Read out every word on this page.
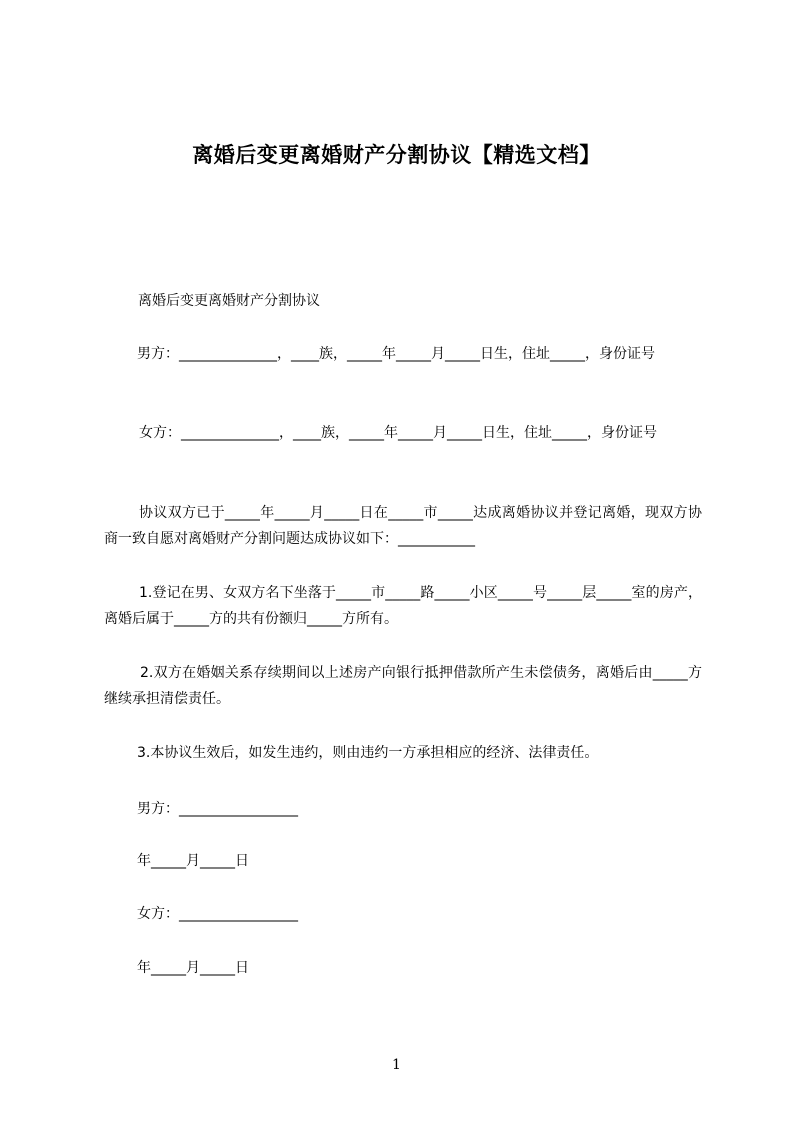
离婚后变更离婚财产分割协议【精选文档】
离婚后变更离婚财产分割协议
男方：______________，____族，_____年_____月_____日生，住址_____，身份证号
女方：______________，____族，_____年_____月_____日生，住址_____，身份证号
协议双方已于_____年_____月_____日在_____市_____达成离婚协议并登记离婚，现双方协商一致自愿对离婚财产分割问题达成协议如下：___________
1.登记在男、女双方名下坐落于_____市_____路_____小区_____号_____层_____室的房产，离婚后属于_____方的共有份额归_____方所有。
2.双方在婚姻关系存续期间以上述房产向银行抵押借款所产生未偿债务，离婚后由_____方继续承担清偿责任。
3.本协议生效后，如发生违约，则由违约一方承担相应的经济、法律责任。
男方：_________________
年_____月_____日
女方：_________________
年_____月_____日
1
